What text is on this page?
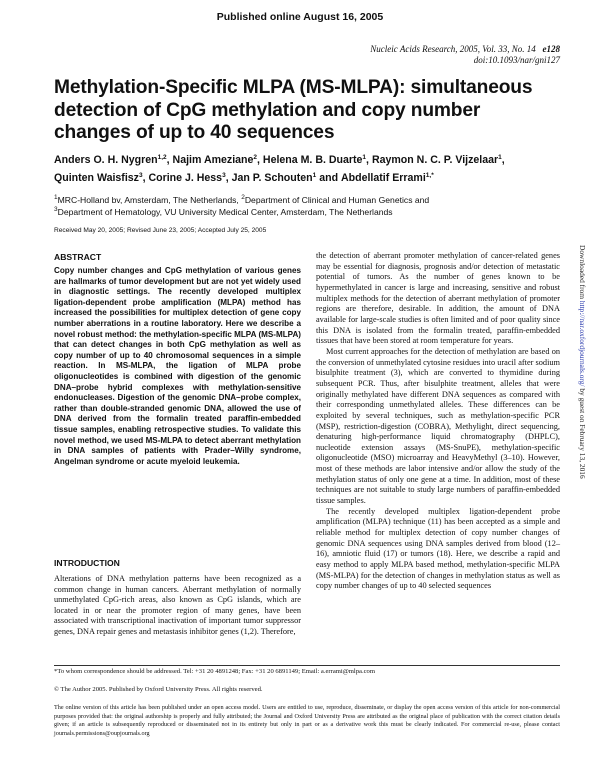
Published online August 16, 2005
Nucleic Acids Research, 2005, Vol. 33, No. 14 e128
doi:10.1093/nar/gni127
Methylation-Specific MLPA (MS-MLPA): simultaneous
detection of CpG methylation and copy number
changes of up to 40 sequences
Anders O. H. Nygren$^{1,2}$, Najim Ameziane$^2$, Helena M. B. Duarte$^1$, Raymon N. C. P. Vijzelaar$^1$,
Quinten Waisfisz$^3$, Corine J. Hess$^3$, Jan P. Schouten$^1$ and Abdellatif Errami$^{1,*}$
$^1$MRC-Holland bv, Amsterdam, The Netherlands, $^2$Department of Clinical and Human Genetics and
$^3$Department of Hematology, VU University Medical Center, Amsterdam, The Netherlands
Received May 20, 2005; Revised June 23, 2005; Accepted July 25, 2005
ABSTRACT
Copy number changes and CpG methylation of various genes are hallmarks of tumor development but are not yet widely used in diagnostic settings. The recently developed multiplex ligation-dependent probe amplification (MLPA) method has increased the possibilities for multiplex detection of gene copy number aberrations in a routine laboratory. Here we describe a novel robust method: the methylation-specific MLPA (MS-MLPA) that can detect changes in both CpG methylation as well as copy number of up to 40 chromosomal sequences in a simple reaction. In MS-MLPA, the ligation of MLPA probe oligonucleotides is combined with digestion of the genomic DNA–probe hybrid complexes with methylation-sensitive endonucleases. Digestion of the genomic DNA–probe complex, rather than double-stranded genomic DNA, allowed the use of DNA derived from the formalin treated paraffin-embedded tissue samples, enabling retrospective studies. To validate this novel method, we used MS-MLPA to detect aberrant methylation in DNA samples of patients with Prader–Willy syndrome, Angelman syndrome or acute myeloid leukemia.
INTRODUCTION
Alterations of DNA methylation patterns have been recognized as a common change in human cancers. Aberrant methylation of normally unmethylated CpG-rich areas, also known as CpG islands, which are located in or near the promoter region of many genes, have been associated with transcriptional inactivation of important tumor suppressor genes, DNA repair genes and metastasis inhibitor genes (1,2). Therefore,

the detection of aberrant promoter methylation of cancer-related genes may be essential for diagnosis, prognosis and/or detection of metastatic potential of tumors. As the number of genes known to be hypermethylated in cancer is large and increasing, sensitive and robust multiplex methods for the detection of aberrant methylation of promoter regions are therefore, desirable. In addition, the amount of DNA available for large-scale studies is often limited and of poor quality since this DNA is isolated from the formalin treated, paraffin-embedded tissues that have been stored at room temperature for years.

Most current approaches for the detection of methylation are based on the conversion of unmethylated cytosine residues into uracil after sodium bisulphite treatment (3), which are converted to thymidine during subsequent PCR. Thus, after bisulphite treatment, alleles that were originally methylated have different DNA sequences as compared with their corresponding unmethylated alleles. These differences can be exploited by several techniques, such as methylation-specific PCR (MSP), restriction-digestion (COBRA), Methylight, direct sequencing, denaturing high-performance liquid chromatography (DHPLC), nucleotide extension assays (MS-SnuPE), methylation-specific oligonucleotide (MSO) microarray and HeavyMethyl (3–10). However, most of these methods are labor intensive and/or allow the study of the methylation status of only one gene at a time. In addition, most of these techniques are not suitable to study large numbers of paraffin-embedded tissue samples.

The recently developed multiplex ligation-dependent probe amplification (MLPA) technique (11) has been accepted as a simple and reliable method for multiplex detection of copy number changes of genomic DNA sequences using DNA samples derived from blood (12–16), amniotic fluid (17) or tumors (18). Here, we describe a rapid and easy method to apply MLPA based method, methylation-specific MLPA (MS-MLPA) for the detection of changes in methylation status as well as copy number changes of up to 40 selected sequences

*To whom correspondence should be addressed. Tel: +31 20 4891248; Fax: +31 20 6891149; Email: a.errami@mlpa.com
© The Author 2005. Published by Oxford University Press. All rights reserved.
The online version of this article has been published under an open access model. Users are entitled to use, reproduce, disseminate, or display the open access version of this article for non-commercial purposes provided that: the original authorship is properly and fully attributed; the Journal and Oxford University Press are attributed as the original place of publication with the correct citation details given; if an article is subsequently reproduced or disseminated not in its entirety but only in part or as a derivative work this must be clearly indicated. For commercial re-use, please contact journals.permissions@oupjournals.org
Downloaded from http://nar.oxfordjournals.org/ by guest on February 13, 2016
